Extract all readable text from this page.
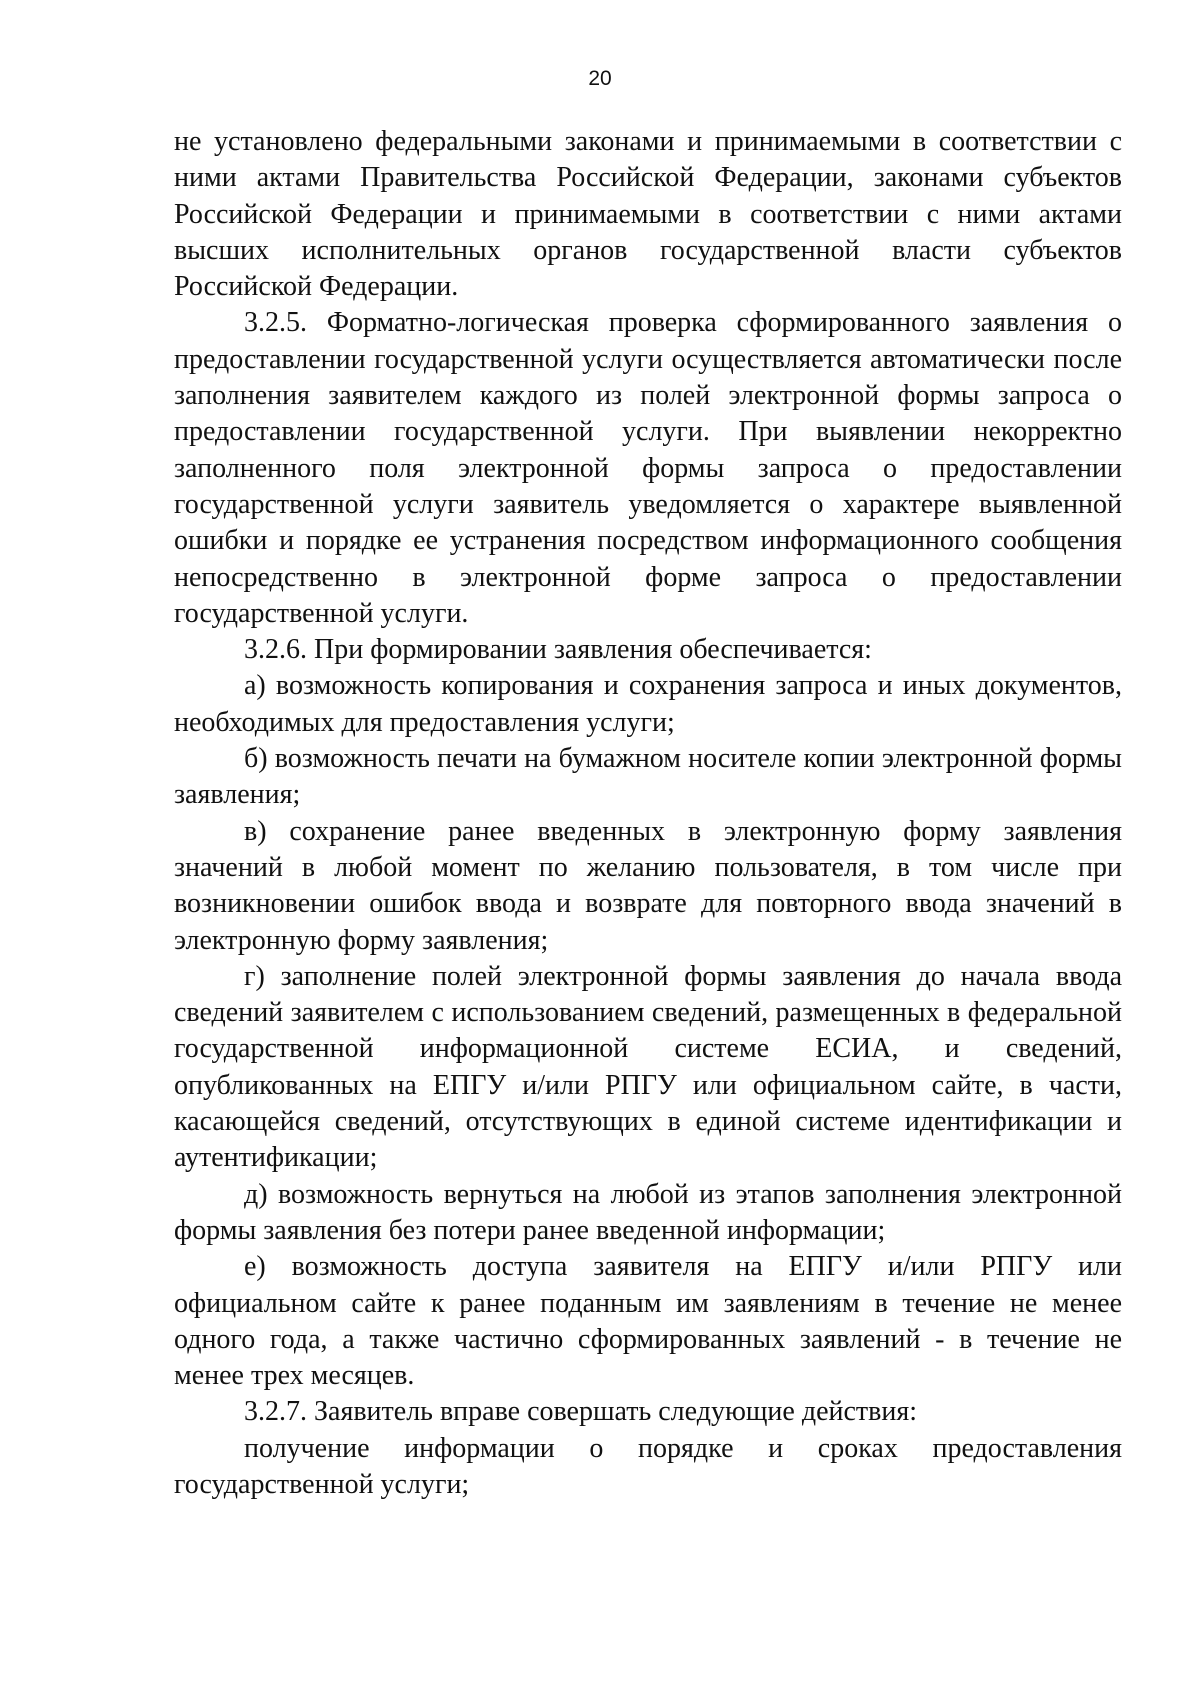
20

не установлено федеральными законами и принимаемыми в соответствии с ними актами Правительства Российской Федерации, законами субъектов Российской Федерации и принимаемыми в соответствии с ними актами высших исполнительных органов государственной власти субъектов Российской Федерации.

3.2.5. Форматно-логическая проверка сформированного заявления о предоставлении государственной услуги осуществляется автоматически после заполнения заявителем каждого из полей электронной формы запроса о предоставлении государственной услуги. При выявлении некорректно заполненного поля электронной формы запроса о предоставлении государственной услуги заявитель уведомляется о характере выявленной ошибки и порядке ее устранения посредством информационного сообщения непосредственно в электронной форме запроса о предоставлении государственной услуги.

3.2.6. При формировании заявления обеспечивается:

а) возможность копирования и сохранения запроса и иных документов, необходимых для предоставления услуги;

б) возможность печати на бумажном носителе копии электронной формы заявления;

в) сохранение ранее введенных в электронную форму заявления значений в любой момент по желанию пользователя, в том числе при возникновении ошибок ввода и возврате для повторного ввода значений в электронную форму заявления;

г) заполнение полей электронной формы заявления до начала ввода сведений заявителем с использованием сведений, размещенных в федеральной государственной информационной системе ЕСИА, и сведений, опубликованных на ЕПГУ и/или РПГУ или официальном сайте, в части, касающейся сведений, отсутствующих в единой системе идентификации и аутентификации;

д) возможность вернуться на любой из этапов заполнения электронной формы заявления без потери ранее введенной информации;

е) возможность доступа заявителя на ЕПГУ и/или РПГУ или официальном сайте к ранее поданным им заявлениям в течение не менее одного года, а также частично сформированных заявлений - в течение не менее трех месяцев.

3.2.7. Заявитель вправе совершать следующие действия:

получение информации о порядке и сроках предоставления государственной услуги;
